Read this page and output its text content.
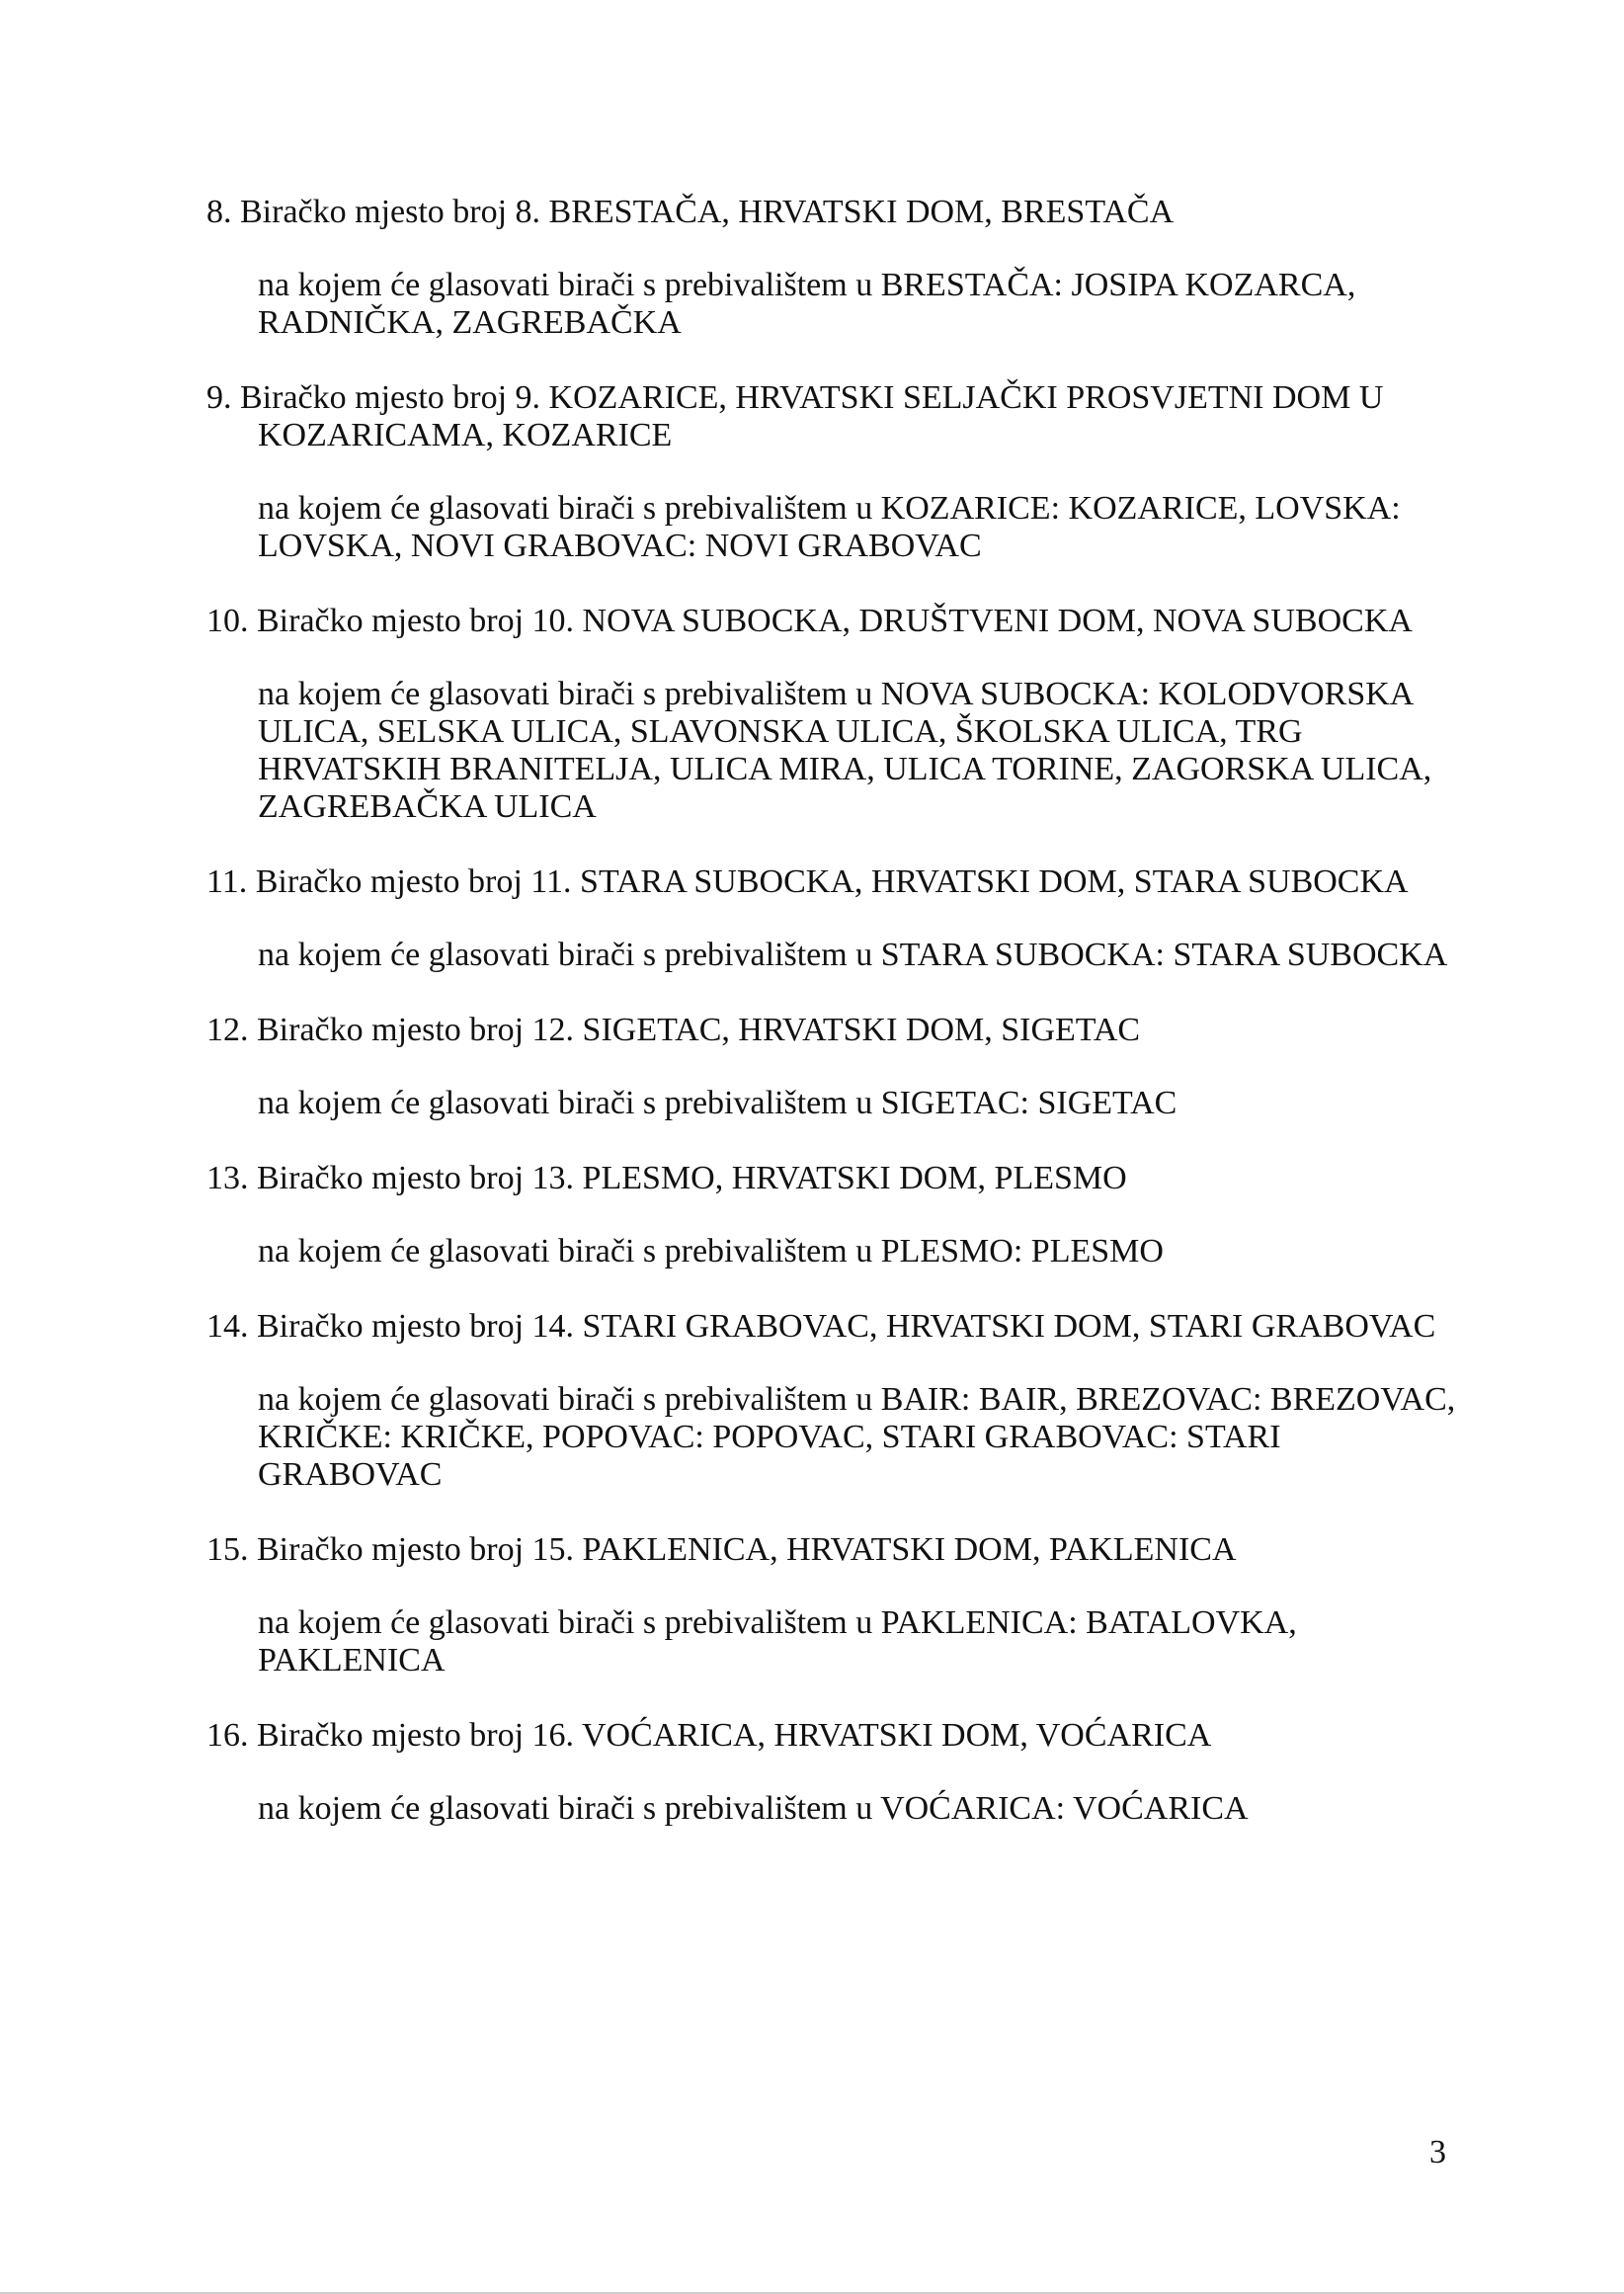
8. Biračko mjesto broj 8. BRESTAČA, HRVATSKI DOM, BRESTAČA

na kojem će glasovati birači s prebivalištem u BRESTAČA: JOSIPA KOZARCA, RADNIČKA, ZAGREBAČKA

9. Biračko mjesto broj 9. KOZARICE, HRVATSKI SELJAČKI PROSVJETNI DOM U KOZARICAMA, KOZARICE

na kojem će glasovati birači s prebivalištem u KOZARICE: KOZARICE, LOVSKA: LOVSKA, NOVI GRABOVAC: NOVI GRABOVAC

10. Biračko mjesto broj 10. NOVA SUBOCKA, DRUŠTVENI DOM, NOVA SUBOCKA

na kojem će glasovati birači s prebivalištem u NOVA SUBOCKA: KOLODVORSKA ULICA, SELSKA ULICA, SLAVONSKA ULICA, ŠKOLSKA ULICA, TRG HRVATSKIH BRANITELJA, ULICA MIRA, ULICA TORINE, ZAGORSKA ULICA, ZAGREBAČKA ULICA

11. Biračko mjesto broj 11. STARA SUBOCKA, HRVATSKI DOM, STARA SUBOCKA

na kojem će glasovati birači s prebivalištem u STARA SUBOCKA: STARA SUBOCKA

12. Biračko mjesto broj 12. SIGETAC, HRVATSKI DOM, SIGETAC

na kojem će glasovati birači s prebivalištem u SIGETAC: SIGETAC

13. Biračko mjesto broj 13. PLESMO, HRVATSKI DOM, PLESMO

na kojem će glasovati birači s prebivalištem u PLESMO: PLESMO

14. Biračko mjesto broj 14. STARI GRABOVAC, HRVATSKI DOM, STARI GRABOVAC

na kojem će glasovati birači s prebivalištem u BAIR: BAIR, BREZOVAC: BREZOVAC, KRIČKE: KRIČKE, POPOVAC: POPOVAC, STARI GRABOVAC: STARI GRABOVAC

15. Biračko mjesto broj 15. PAKLENICA, HRVATSKI DOM, PAKLENICA

na kojem će glasovati birači s prebivalištem u PAKLENICA: BATALOVKA, PAKLENICA

16. Biračko mjesto broj 16. VOĆARICA, HRVATSKI DOM, VOĆARICA

na kojem će glasovati birači s prebivalištem u VOĆARICA: VOĆARICA

3
